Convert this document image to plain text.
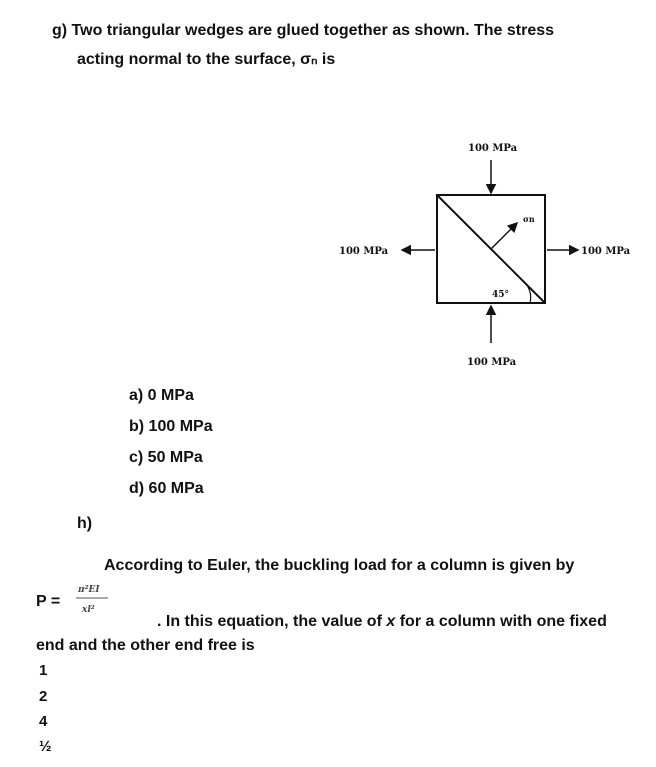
g) Two triangular wedges are glued together as shown. The stress
acting normal to the surface, σₙ is
100 MPa
100 MPa
100 MPa	100 MPa
σn
45°
a) 0 MPa
b) 100 MPa
c) 50 MPa
d) 60 MPa
h)
According to Euler, the buckling load for a column is given by
P =
π²EI
xl²
. In this equation, the value of x for a column with one fixed
end and the other end free is
1
2
4
½
